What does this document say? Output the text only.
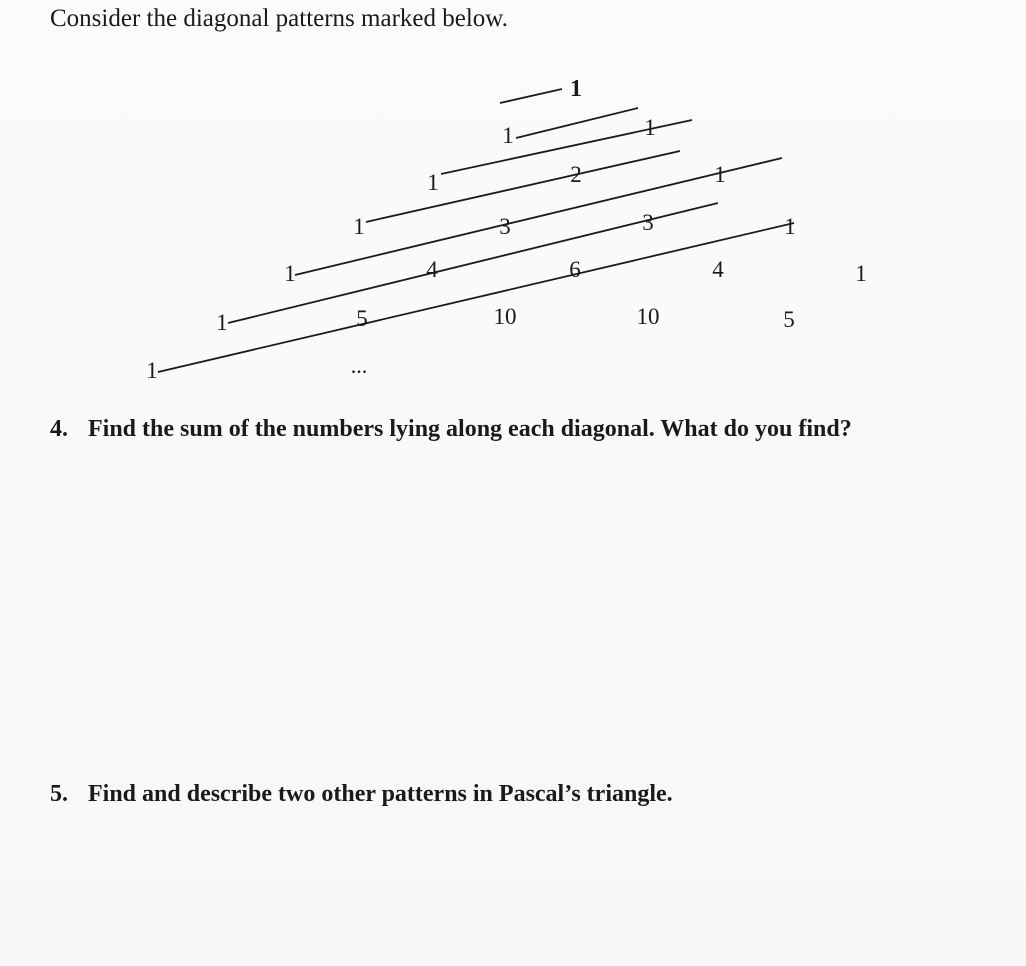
Consider the diagonal patterns marked below.

1
1	1
1	2	1
1	3	3	1
1	4	6	4	1
1	5	10	10	5
1	...

4. Find the sum of the numbers lying along each diagonal. What do you find?

5. Find and describe two other patterns in Pascal’s triangle.
